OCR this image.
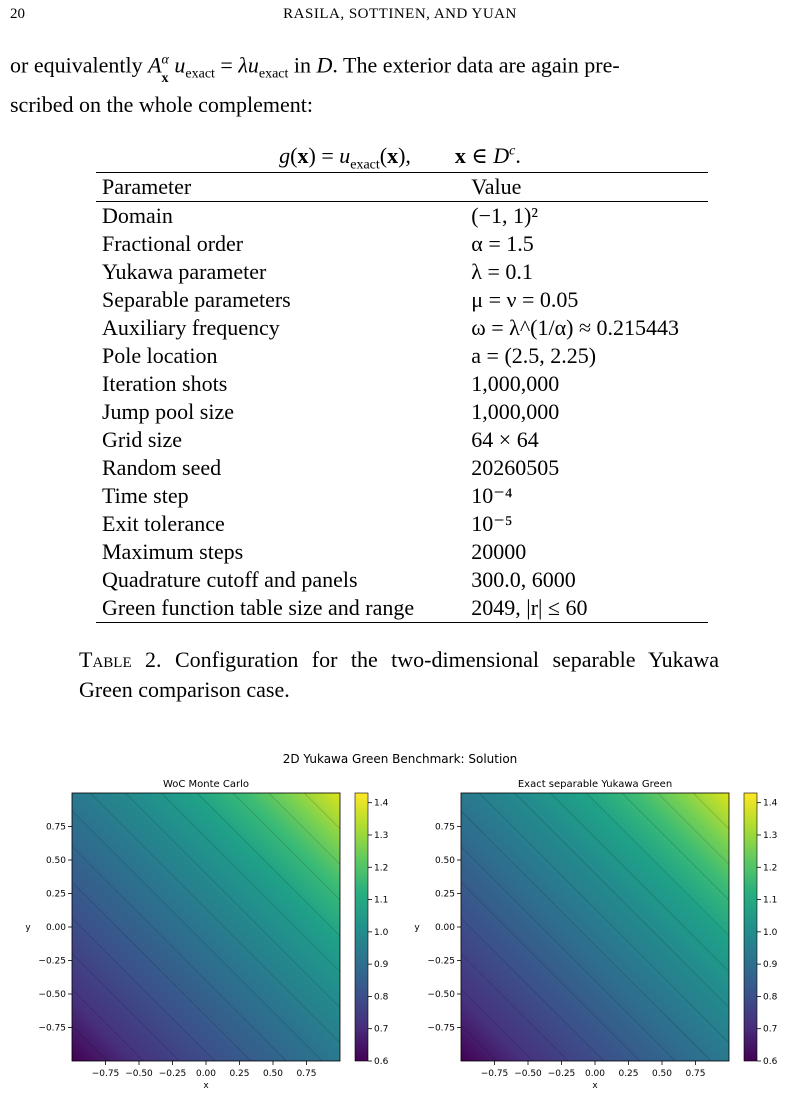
20	RASILA, SOTTINEN, AND YUAN
or equivalently $A^\alpha$
x
$u_{exact} = \lambda u_{exact}$ in D. The exterior data are again pre-
scribed on the whole complement:
$g(x) = u_{exact}(x)$,        x ∈ $D^c$.
Parameter	Value
Domain	(−1, 1)²
Fractional order	α = 1.5
Yukawa parameter	λ = 0.1
Separable parameters	μ = ν = 0.05
Auxiliary frequency	ω = λ^(1/α) ≈ 0.215443
Pole location	a = (2.5, 2.25)
Iteration shots	1,000,000
Jump pool size	1,000,000
Grid size	64 × 64
Random seed	20260505
Time step	10⁻⁴
Exit tolerance	10⁻⁵
Maximum steps	20000
Quadrature cutoff and panels	300.0, 6000
Green function table size and range	2049, |r| ≤ 60
Table 2. Configuration for the two-dimensional separable Yukawa Green comparison case.
2D Yukawa Green Benchmark: Solution
WoC Monte Carlo
−0.75 −0.50 −0.25 0.00 0.25 0.50 0.75
0.75
0.50
0.25
0.00
−0.25
−0.50
−0.75
x
y
1.4
1.3
1.2
1.1
1.0
0.9
0.8
0.7
0.6
Exact separable Yukawa Green
−0.75 −0.50 −0.25 0.00 0.25 0.50 0.75
0.75
0.50
0.25
0.00
−0.25
−0.50
−0.75
x
y
1.4
1.3
1.2
1.1
1.0
0.9
0.8
0.7
0.6
